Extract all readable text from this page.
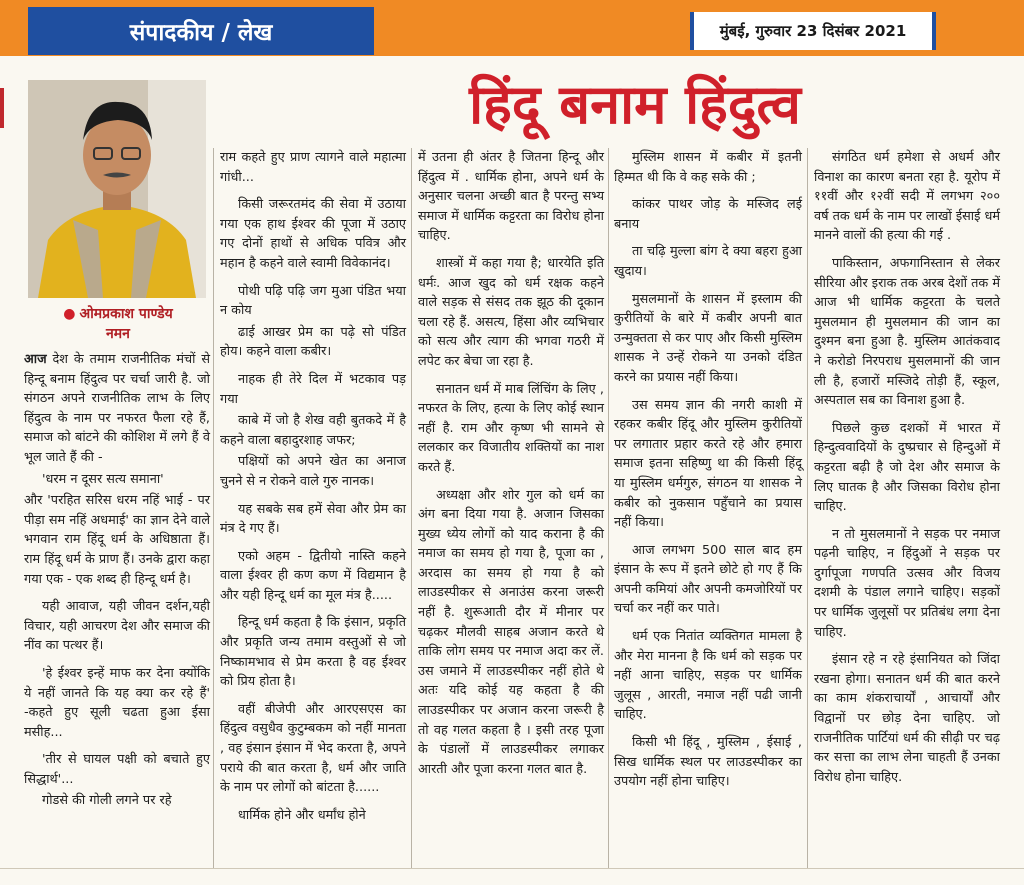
संपादकीय / लेख	मुंबई, गुरुवार 23 दिसंबर 2021
हिंदू बनाम हिंदुत्व
● ओमप्रकाश पाण्डेय
नमन

आज देश के तमाम राजनीतिक मंचों से हिन्दू बनाम हिंदुत्व पर चर्चा जारी है. जो संगठन अपने राजनीतिक लाभ के लिए हिंदुत्व के नाम पर नफरत फैला रहे हैं, समाज को बांटने की कोशिश में लगे हैं वे भूल जाते हैं की -

'धरम न दूसर सत्य समाना'

और 'परहित सरिस धरम नहिं भाई - पर पीड़ा सम नहिं अधमाई' का ज्ञान देने वाले भगवान राम हिंदू धर्म के अधिष्ठाता हैं। राम हिंदू धर्म के प्राण हैं। उनके द्वारा कहा गया एक - एक शब्द ही हिन्दू धर्म है।

यही आवाज, यही जीवन दर्शन,यही विचार, यही आचरण देश और समाज की नींव का पत्थर हैं।

'हे ईश्वर इन्हें माफ कर देना क्योंकि ये नहीं जानते कि यह क्या कर रहे हैं' -कहते हुए सूली चढता हुआ ईसा मसीह...

'तीर से घायल पक्षी को बचाते हुए सिद्धार्थ'...

गोडसे की गोली लगने पर रहे

राम कहते हुए प्राण त्यागने वाले महात्मा गांधी...

किसी जरूरतमंद की सेवा में उठाया गया एक हाथ ईश्वर की पूजा में उठाए गए दोनों हाथों से अधिक पवित्र और महान है कहने वाले स्वामी विवेकानंद।

पोथी पढ़ि पढ़ि जग मुआ पंडित भया न कोय

ढाई आखर प्रेम का पढ़े सो पंडित होय। कहने वाला कबीर।

नाहक ही तेरे दिल में भटकाव पड़ गया

काबे में जो है शेख वही बुतकदे में है कहने वाला बहादुरशाह जफर;

पक्षियों को अपने खेत का अनाज चुनने से न रोकने वाले गुरु नानक।

यह सबके सब हमें सेवा और प्रेम का मंत्र दे गए हैं।

एको अहम - द्वितीयो नास्ति कहने वाला ईश्वर ही कण कण में विद्यमान है और यही हिन्दू धर्म का मूल मंत्र है.....

हिन्दू धर्म कहता है कि इंसान, प्रकृति और प्रकृति जन्य तमाम वस्तुओं से जो निष्कामभाव से प्रेम करता है वह ईश्वर को प्रिय होता है।

वहीं बीजेपी और आरएसएस का हिंदुत्व वसुधैव कुटुम्बकम को नहीं मानता , वह इंसान इंसान में भेद करता है, अपने पराये की बात करता है, धर्म और जाति के नाम पर लोगों को बांटता है......

धार्मिक होने और धर्मांध होने

में उतना ही अंतर है जितना हिन्दू और हिंदुत्व में . धार्मिक होना, अपने धर्म के अनुसार चलना अच्छी बात है परन्तु सभ्य समाज में धार्मिक कट्टरता का विरोध होना चाहिए.

शास्त्रों में कहा गया है; धारयेति इति धर्मः. आज खुद को धर्म रक्षक कहने वाले सड़क से संसद तक झूठ की दूकान चला रहे हैं. असत्य, हिंसा और व्यभिचार को सत्य और त्याग की भगवा गठरी में लपेट कर बेचा जा रहा है.

सनातन धर्म में माब लिंचिंग के लिए , नफरत के लिए, हत्या के लिए कोई स्थान नहीं है. राम और कृष्ण भी सामने से ललकार कर विजातीय शक्तियों का नाश करते हैं.

अध्यक्षा और शोर गुल को धर्म का अंग बना दिया गया है. अजान जिसका मुख्य ध्येय लोगों को याद कराना है की नमाज का समय हो गया है, पूजा का , अरदास का समय हो गया है को लाउडस्पीकर से अनाउंस करना जरूरी नहीं है. शुरूआती दौर में मीनार पर चढ़कर मौलवी साहब अजान करते थे ताकि लोग समय पर नमाज अदा कर लें. उस जमाने में लाउडस्पीकर नहीं होते थे अतः यदि कोई यह कहता है की लाउडस्पीकर पर अजान करना जरूरी है तो वह गलत कहता है । इसी तरह पूजा के पंडालों में लाउडस्पीकर लगाकर आरती और पूजा करना गलत बात है.

मुस्लिम शासन में कबीर में इतनी हिम्मत थी कि वे कह सके की ;

कांकर पाथर जोड़ के मस्जिद लई बनाय

ता चढ़ि मुल्ला बांग दे क्या बहरा हुआ खुदाय।

मुसलमानों के शासन में इस्लाम की कुरीतियों के बारे में कबीर अपनी बात उन्मुक्तता से कर पाए और किसी मुस्लिम शासक ने उन्हें रोकने या उनको दंडित करने का प्रयास नहीं किया।

उस समय ज्ञान की नगरी काशी में रहकर कबीर हिंदू और मुस्लिम कुरीतियों पर लगातार प्रहार करते रहे और हमारा समाज इतना सहिष्णु था की किसी हिंदू या मुस्लिम धर्मगुरु, संगठन या शासक ने कबीर को नुकसान पहुँचाने का प्रयास नहीं किया।

आज लगभग 500 साल बाद हम इंसान के रूप में इतने छोटे हो गए हैं कि अपनी कमियां और अपनी कमजोरियों पर चर्चा कर नहीं कर पाते।

धर्म एक नितांत व्यक्तिगत मामला है और मेरा मानना है कि धर्म को सड़क पर नहीं आना चाहिए, सड़क पर धार्मिक जुलूस , आरती, नमाज नहीं पढी जानी चाहिए.

किसी भी हिंदू , मुस्लिम , ईसाई , सिख धार्मिक स्थल पर लाउडस्पीकर का उपयोग नहीं होना चाहिए।

संगठित धर्म हमेशा से अधर्म और विनाश का कारण बनता रहा है. यूरोप में ११वीं और १२वीं सदी में लगभग २०० वर्ष तक धर्म के नाम पर लाखों ईसाई धर्म मानने वालों की हत्या की गई .

पाकिस्तान, अफगानिस्तान से लेकर सीरिया और इराक तक अरब देशों तक में आज भी धार्मिक कट्टरता के चलते मुसलमान ही मुसलमान की जान का दुश्मन बना हुआ है. मुस्लिम आतंकवाद ने करोडो निरपराध मुसलमानों की जान ली है, हजारों मस्जिदे तोड़ी हैं, स्कूल, अस्पताल सब का विनाश हुआ है.

पिछले कुछ दशकों में भारत में हिन्दुत्ववादियों के दुष्प्रचार से हिन्दुओं में कट्टरता बढ़ी है जो देश और समाज के लिए घातक है और जिसका विरोध होना चाहिए.

न तो मुसलमानों ने सड़क पर नमाज पढ़नी चाहिए, न हिंदुओं ने सड़क पर दुर्गापूजा गणपति उत्सव और विजय दशमी के पंडाल लगाने चाहिए। सड़कों पर धार्मिक जुलूसों पर प्रतिबंध लगा देना चाहिए.

इंसान रहे न रहे इंसानियत को जिंदा रखना होगा। सनातन धर्म की बात करने का काम शंकराचार्यों , आचार्यों और विद्वानों पर छोड़ देना चाहिए. जो राजनीतिक पार्टियां धर्म की सीढ़ी पर चढ़ कर सत्ता का लाभ लेना चाहती हैं उनका विरोध होना चाहिए.
